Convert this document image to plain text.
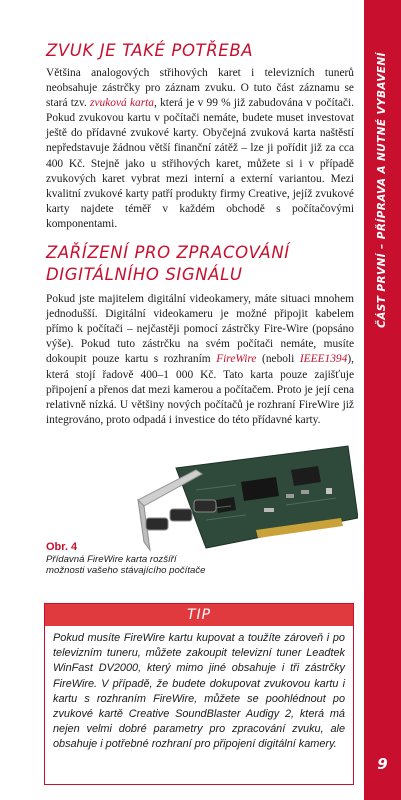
ČÁST PRVNÍ – PŘÍPRAVA A NUTNÉ VYBAVENÍ
9
ZVUK JE TAKÉ POTŘEBA

Většina analogových střihových karet i televizních tunerů neobsahuje zástrčky pro záznam zvuku. O tuto část záznamu se stará tzv. zvuková karta, která je v 99 % již zabudována v počítači. Pokud zvukovou kartu v počítači nemáte, budete muset investovat ještě do přídavné zvukové karty. Obyčejná zvuková karta naštěstí nepředstavuje žádnou větší finanční zátěž – lze ji pořídit již za cca 400 Kč. Stejně jako u střihových karet, můžete si i v případě zvukových karet vybrat mezi interní a externí variantou. Mezi kvalitní zvukové karty patří produkty firmy Creative, jejíž zvukové karty najdete téměř v každém obchodě s počítačovými komponentami.

ZAŘÍZENÍ PRO ZPRACOVÁNÍ
DIGITÁLNÍHO SIGNÁLU

Pokud jste majitelem digitální videokamery, máte situaci mnohem jednodušší. Digitální videokameru je možné připojit kabelem přímo k počítači – nejčastěji pomocí zástrčky Fire-Wire (popsáno výše). Pokud tuto zástrčku na svém počítači nemáte, musíte dokoupit pouze kartu s rozhraním FireWire (neboli IEEE1394), která stojí řadově 400–1 000 Kč. Tato karta pouze zajišťuje připojení a přenos dat mezi kamerou a počítačem. Proto je její cena relativně nízká. U většiny nových počítačů je rozhraní FireWire již integrováno, proto odpadá i investice do této přídavné karty.

Obr. 4
Přídavná FireWire karta rozšíří
možnosti vašeho stávajícího počítače
TIP
Pokud musíte FireWire kartu kupovat a toužíte zároveň i po televizním tuneru, můžete zakoupit televizní tuner Leadtek WinFast DV2000, který mimo jiné obsahuje i tři zástrčky FireWire. V případě, že budete dokupovat zvukovou kartu i kartu s rozhraním FireWire, můžete se poohlédnout po zvukové kartě Creative SoundBlaster Audigy 2, která má nejen velmi dobré parametry pro zpracování zvuku, ale obsahuje i potřebné rozhraní pro připojení digitální kamery.
